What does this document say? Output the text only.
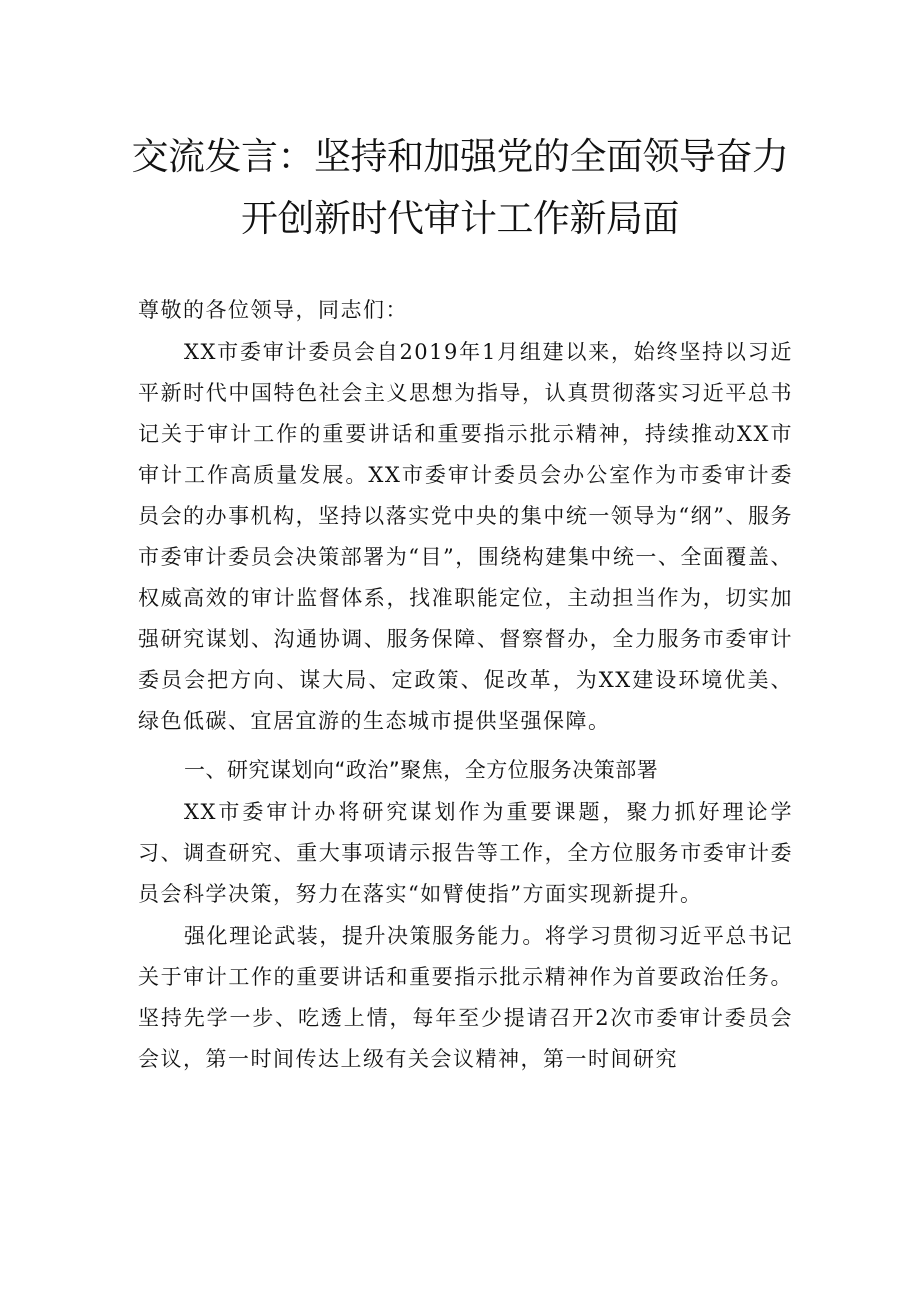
交流发言：坚持和加强党的全面领导奋力
开创新时代审计工作新局面

尊敬的各位领导，同志们：

XX市委审计委员会自2019年1月组建以来，始终坚持以习近平新时代中国特色社会主义思想为指导，认真贯彻落实习近平总书记关于审计工作的重要讲话和重要指示批示精神，持续推动XX市审计工作高质量发展。XX市委审计委员会办公室作为市委审计委员会的办事机构，坚持以落实党中央的集中统一领导为“纲”、服务市委审计委员会决策部署为“目”，围绕构建集中统一、全面覆盖、权威高效的审计监督体系，找准职能定位，主动担当作为，切实加强研究谋划、沟通协调、服务保障、督察督办，全力服务市委审计委员会把方向、谋大局、定政策、促改革，为XX建设环境优美、绿色低碳、宜居宜游的生态城市提供坚强保障。

一、研究谋划向“政治”聚焦，全方位服务决策部署

XX市委审计办将研究谋划作为重要课题，聚力抓好理论学习、调查研究、重大事项请示报告等工作，全方位服务市委审计委员会科学决策，努力在落实“如臂使指”方面实现新提升。

强化理论武装，提升决策服务能力。将学习贯彻习近平总书记关于审计工作的重要讲话和重要指示批示精神作为首要政治任务。坚持先学一步、吃透上情，每年至少提请召开2次市委审计委员会会议，第一时间传达上级有关会议精神，第一时间研究
